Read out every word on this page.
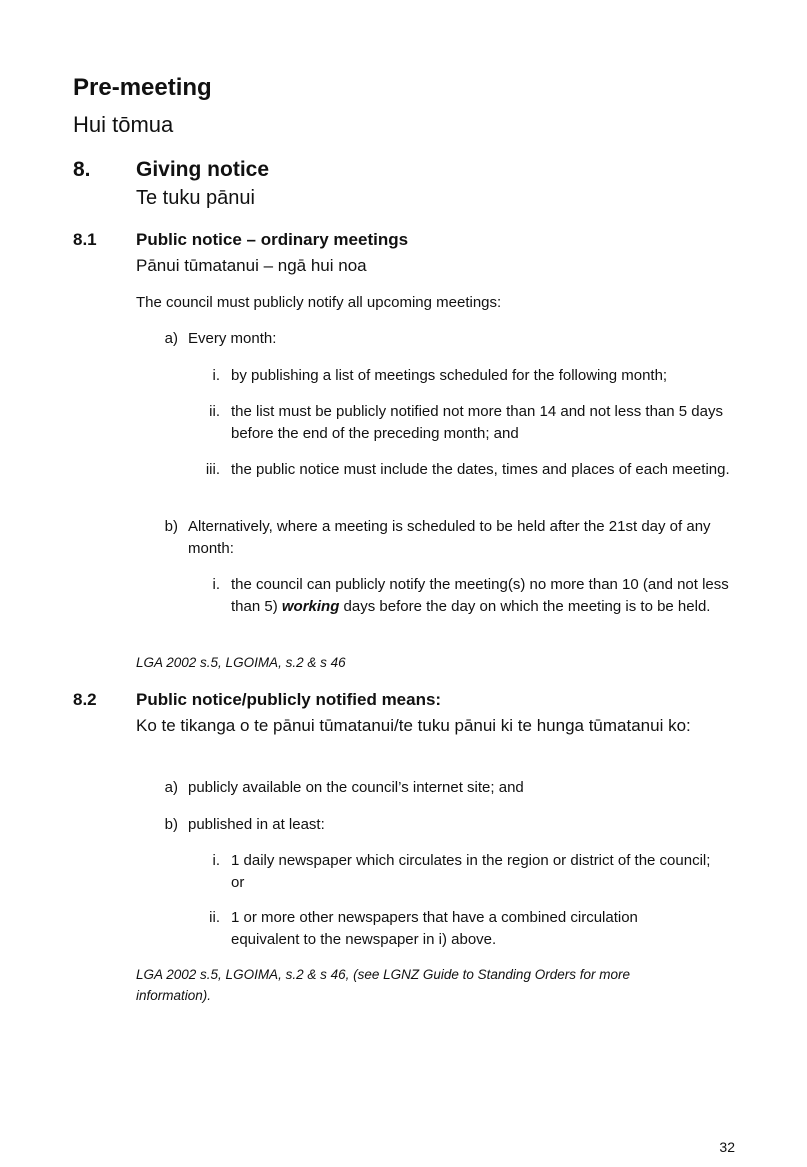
Pre-meeting
Hui tōmua
8. Giving notice
Te tuku pānui
8.1 Public notice – ordinary meetings
Pānui tūmatanui – ngā hui noa
The council must publicly notify all upcoming meetings:
a) Every month:
i. by publishing a list of meetings scheduled for the following month;
ii. the list must be publicly notified not more than 14 and not less than 5 days before the end of the preceding month; and
iii. the public notice must include the dates, times and places of each meeting.
b) Alternatively, where a meeting is scheduled to be held after the 21st day of any month:
i. the council can publicly notify the meeting(s) no more than 10 (and not less than 5) working days before the day on which the meeting is to be held.
LGA 2002 s.5, LGOIMA, s.2 & s 46
8.2 Public notice/publicly notified means:
Ko te tikanga o te pānui tūmatanui/te tuku pānui ki te hunga tūmatanui ko:
a) publicly available on the council’s internet site; and
b) published in at least:
i. 1 daily newspaper which circulates in the region or district of the council; or
ii. 1 or more other newspapers that have a combined circulation equivalent to the newspaper in i) above.
LGA 2002 s.5, LGOIMA, s.2 & s 46, (see LGNZ Guide to Standing Orders for more information).
32
